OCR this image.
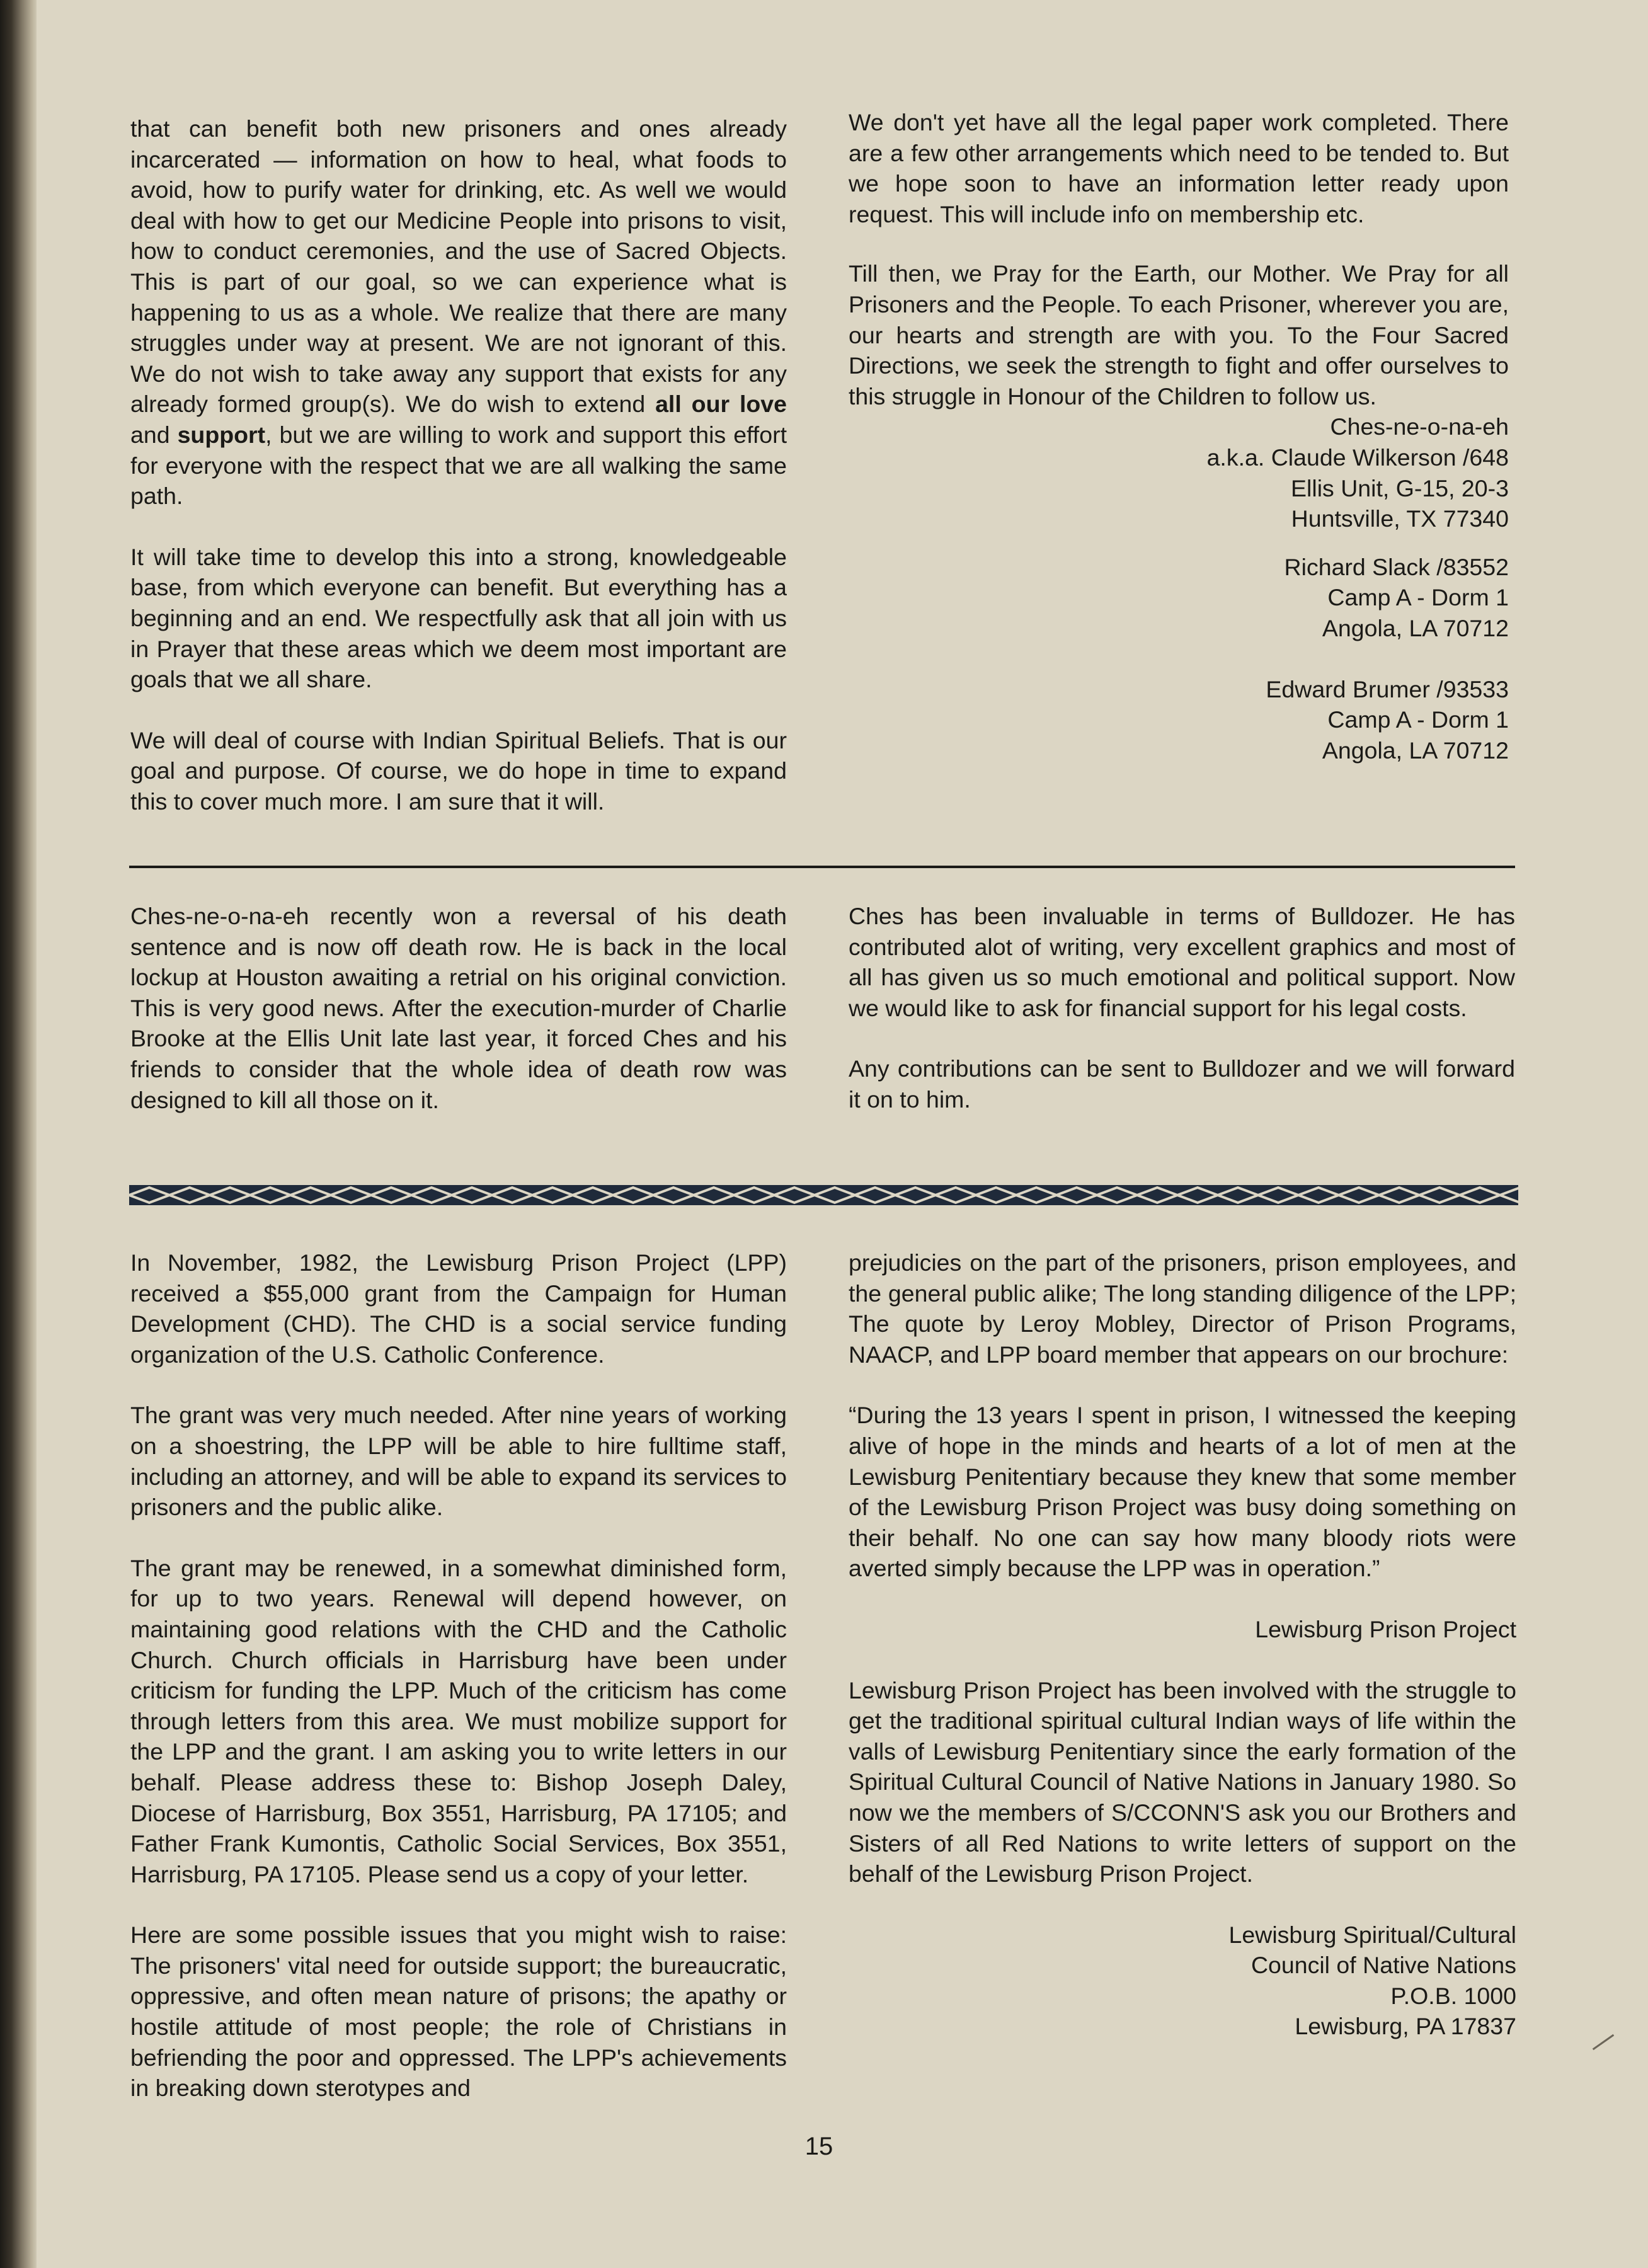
that can benefit both new prisoners and ones already incarcerated — information on how to heal, what foods to avoid, how to purify water for drinking, etc. As well we would deal with how to get our Medicine People into prisons to visit, how to conduct ceremonies, and the use of Sacred Objects. This is part of our goal, so we can experience what is happening to us as a whole. We realize that there are many struggles under way at present. We are not ignorant of this. We do not wish to take away any support that exists for any already formed group(s). We do wish to extend all our love and support, but we are willing to work and support this effort for everyone with the respect that we are all walking the same path.

It will take time to develop this into a strong, knowledgeable base, from which everyone can benefit. But everything has a beginning and an end. We respectfully ask that all join with us in Prayer that these areas which we deem most important are goals that we all share.

We will deal of course with Indian Spiritual Beliefs. That is our goal and purpose. Of course, we do hope in time to expand this to cover much more. I am sure that it will.

We don't yet have all the legal paper work completed. There are a few other arrangements which need to be tended to. But we hope soon to have an information letter ready upon request. This will include info on membership etc.

Till then, we Pray for the Earth, our Mother. We Pray for all Prisoners and the People. To each Prisoner, wherever you are, our hearts and strength are with you. To the Four Sacred Directions, we seek the strength to fight and offer ourselves to this struggle in Honour of the Children to follow us.

Ches-ne-o-na-eh
a.k.a. Claude Wilkerson /648
Ellis Unit, G-15, 20-3
Huntsville, TX 77340
Richard Slack /83552
Camp A - Dorm 1
Angola, LA 70712
Edward Brumer /93533
Camp A - Dorm 1
Angola, LA 70712

Ches-ne-o-na-eh recently won a reversal of his death sentence and is now off death row. He is back in the local lockup at Houston awaiting a retrial on his original conviction. This is very good news. After the execution-murder of Charlie Brooke at the Ellis Unit late last year, it forced Ches and his friends to consider that the whole idea of death row was designed to kill all those on it.

Ches has been invaluable in terms of Bulldozer. He has contributed alot of writing, very excellent graphics and most of all has given us so much emotional and political support. Now we would like to ask for financial support for his legal costs.

Any contributions can be sent to Bulldozer and we will forward it on to him.

In November, 1982, the Lewisburg Prison Project (LPP) received a $55,000 grant from the Campaign for Human Development (CHD). The CHD is a social service funding organization of the U.S. Catholic Conference.

The grant was very much needed. After nine years of working on a shoestring, the LPP will be able to hire fulltime staff, including an attorney, and will be able to expand its services to prisoners and the public alike.

The grant may be renewed, in a somewhat diminished form, for up to two years. Renewal will depend however, on maintaining good relations with the CHD and the Catholic Church. Church officials in Harrisburg have been under criticism for funding the LPP. Much of the criticism has come through letters from this area. We must mobilize support for the LPP and the grant. I am asking you to write letters in our behalf. Please address these to: Bishop Joseph Daley, Diocese of Harrisburg, Box 3551, Harrisburg, PA 17105; and Father Frank Kumontis, Catholic Social Services, Box 3551, Harrisburg, PA 17105. Please send us a copy of your letter.

Here are some possible issues that you might wish to raise: The prisoners' vital need for outside support; the bureaucratic, oppressive, and often mean nature of prisons; the apathy or hostile attitude of most people; the role of Christians in befriending the poor and oppressed. The LPP's achievements in breaking down sterotypes and

prejudicies on the part of the prisoners, prison employees, and the general public alike; The long standing diligence of the LPP; The quote by Leroy Mobley, Director of Prison Programs, NAACP, and LPP board member that appears on our brochure:

“During the 13 years I spent in prison, I witnessed the keeping alive of hope in the minds and hearts of a lot of men at the Lewisburg Penitentiary because they knew that some member of the Lewisburg Prison Project was busy doing something on their behalf. No one can say how many bloody riots were averted simply because the LPP was in operation.”

Lewisburg Prison Project

Lewisburg Prison Project has been involved with the struggle to get the traditional spiritual cultural Indian ways of life within the valls of Lewisburg Penitentiary since the early formation of the Spiritual Cultural Council of Native Nations in January 1980. So now we the members of S/CCONN'S ask you our Brothers and Sisters of all Red Nations to write letters of support on the behalf of the Lewisburg Prison Project.

Lewisburg Spiritual/Cultural
Council of Native Nations
P.O.B. 1000
Lewisburg, PA 17837
15
